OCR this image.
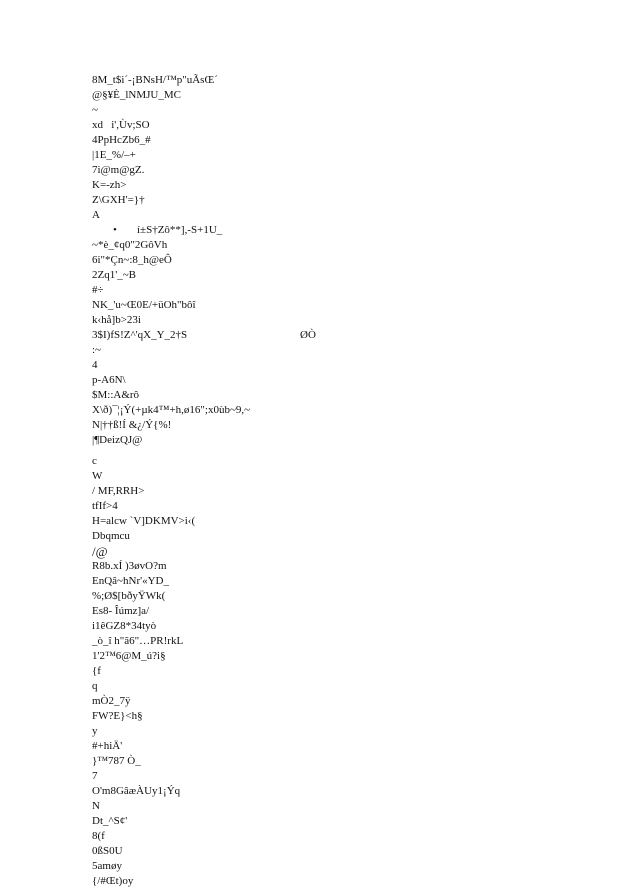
8M_t$i´-¡BNsH/™p"uÃsŒ´
@§¥È_lNMJU_MC
~
xd   i',Ùv;SO
4PpHcZb6_#
|1E_%/–+
7i@m@gZ.
K=-zh>
Z\GXH'=}†
A
• í±S†Zô**],-S+1U_
~*è_¢q0"2GôVh
6i"*Çn~:8_h@eÔ
2Zq1'_~B
#÷
NK_'u~Œ0E/+üOh"bôî
k‹hå]b>23i
3$I)fS!Z^'qX_Y_2†S	ØÒ
:~
4
p-A6N\
$M::A&rô
X\ð)¯¦¡Ý(+µk4™+h,ø16";x0ùb~9,~
N|††ß!Í &¿/Ý{%!
|¶DeizQJ@
c
W
/ MF,RRH>
tfIf>4
H=alcw `V]DKMV>i‹(
Dbqmcu
/@
R8b.xÍ )3øvO?m
EnQâ~hNr'«YD_
%;Ø$[bðyŸWk(
Es8- Îúmz]a/
i1êGZ8*34tyò
_ò_î h"ã6"…PR!rkL
1'2™6@M_ú?i§
{f
q
mÒ2_7ÿ
FW?E}<h§
y
#+hiÄ'
}™787 Ò_
7
O'm8GâæÀUy1¡Ýq
N
Dt_^S¢'
8(f
0ßS0U
5amøy
{/#Œt)oy
